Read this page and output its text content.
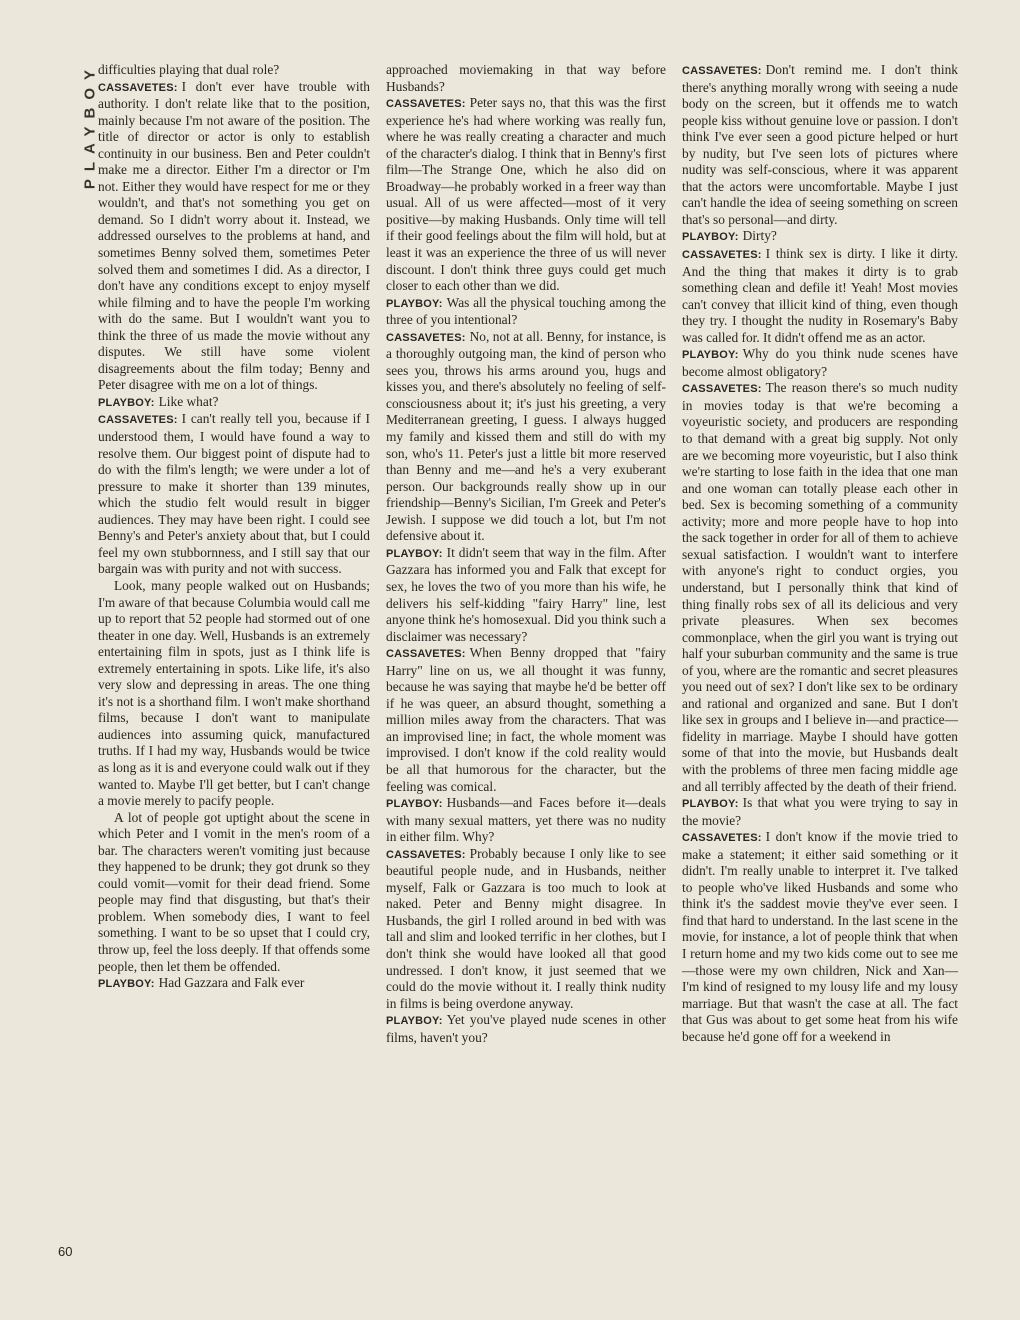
PLAYBOY difficulties playing that dual role?

CASSAVETES: I don't ever have trouble with authority. I don't relate like that to the position, mainly because I'm not aware of the position. The title of director or actor is only to establish continuity in our business. Ben and Peter couldn't make me a director. Either I'm a director or I'm not. Either they would have respect for me or they wouldn't, and that's not something you get on demand. So I didn't worry about it. Instead, we addressed ourselves to the problems at hand, and sometimes Benny solved them, sometimes Peter solved them and sometimes I did. As a director, I don't have any conditions except to enjoy myself while filming and to have the people I'm working with do the same. But I wouldn't want you to think the three of us made the movie without any disputes. We still have some violent disagreements about the film today; Benny and Peter disagree with me on a lot of things.

PLAYBOY: Like what?

CASSAVETES: I can't really tell you, because if I understood them, I would have found a way to resolve them. Our biggest point of dispute had to do with the film's length; we were under a lot of pressure to make it shorter than 139 minutes, which the studio felt would result in bigger audiences. They may have been right. I could see Benny's and Peter's anxiety about that, but I could feel my own stubbornness, and I still say that our bargain was with purity and not with success.

Look, many people walked out on Husbands; I'm aware of that because Columbia would call me up to report that 52 people had stormed out of one theater in one day. Well, Husbands is an extremely entertaining film in spots, just as I think life is extremely entertaining in spots. Like life, it's also very slow and depressing in areas. The one thing it's not is a shorthand film. I won't make shorthand films, because I don't want to manipulate audiences into assuming quick, manufactured truths. If I had my way, Husbands would be twice as long as it is and everyone could walk out if they wanted to. Maybe I'll get better, but I can't change a movie merely to pacify people.

A lot of people got uptight about the scene in which Peter and I vomit in the men's room of a bar. The characters weren't vomiting just because they happened to be drunk; they got drunk so they could vomit—vomit for their dead friend. Some people may find that disgusting, but that's their problem. When somebody dies, I want to feel something. I want to be so upset that I could cry, throw up, feel the loss deeply. If that offends some people, then let them be offended.

PLAYBOY: Had Gazzara and Falk ever

approached moviemaking in that way before Husbands?

CASSAVETES: Peter says no, that this was the first experience he's had where working was really fun, where he was really creating a character and much of the character's dialog. I think that in Benny's first film—The Strange One, which he also did on Broadway—he probably worked in a freer way than usual. All of us were affected—most of it very positive—by making Husbands. Only time will tell if their good feelings about the film will hold, but at least it was an experience the three of us will never discount. I don't think three guys could get much closer to each other than we did.

PLAYBOY: Was all the physical touching among the three of you intentional?

CASSAVETES: No, not at all. Benny, for instance, is a thoroughly outgoing man, the kind of person who sees you, throws his arms around you, hugs and kisses you, and there's absolutely no feeling of self-consciousness about it; it's just his greeting, a very Mediterranean greeting, I guess. I always hugged my family and kissed them and still do with my son, who's 11. Peter's just a little bit more reserved than Benny and me—and he's a very exuberant person. Our backgrounds really show up in our friendship—Benny's Sicilian, I'm Greek and Peter's Jewish. I suppose we did touch a lot, but I'm not defensive about it.

PLAYBOY: It didn't seem that way in the film. After Gazzara has informed you and Falk that except for sex, he loves the two of you more than his wife, he delivers his self-kidding "fairy Harry" line, lest anyone think he's homosexual. Did you think such a disclaimer was necessary?

CASSAVETES: When Benny dropped that "fairy Harry" line on us, we all thought it was funny, because he was saying that maybe he'd be better off if he was queer, an absurd thought, something a million miles away from the characters. That was an improvised line; in fact, the whole moment was improvised. I don't know if the cold reality would be all that humorous for the character, but the feeling was comical.

PLAYBOY: Husbands—and Faces before it—deals with many sexual matters, yet there was no nudity in either film. Why?

CASSAVETES: Probably because I only like to see beautiful people nude, and in Husbands, neither myself, Falk or Gazzara is too much to look at naked. Peter and Benny might disagree. In Husbands, the girl I rolled around in bed with was tall and slim and looked terrific in her clothes, but I don't think she would have looked all that good undressed. I don't know, it just seemed that we could do the movie without it. I really think nudity in films is being overdone anyway.

PLAYBOY: Yet you've played nude scenes in other films, haven't you?

CASSAVETES: Don't remind me. I don't think there's anything morally wrong with seeing a nude body on the screen, but it offends me to watch people kiss without genuine love or passion. I don't think I've ever seen a good picture helped or hurt by nudity, but I've seen lots of pictures where nudity was self-conscious, where it was apparent that the actors were uncomfortable. Maybe I just can't handle the idea of seeing something on screen that's so personal—and dirty.

PLAYBOY: Dirty?

CASSAVETES: I think sex is dirty. I like it dirty. And the thing that makes it dirty is to grab something clean and defile it! Yeah! Most movies can't convey that illicit kind of thing, even though they try. I thought the nudity in Rosemary's Baby was called for. It didn't offend me as an actor.

PLAYBOY: Why do you think nude scenes have become almost obligatory?

CASSAVETES: The reason there's so much nudity in movies today is that we're becoming a voyeuristic society, and producers are responding to that demand with a great big supply. Not only are we becoming more voyeuristic, but I also think we're starting to lose faith in the idea that one man and one woman can totally please each other in bed. Sex is becoming something of a community activity; more and more people have to hop into the sack together in order for all of them to achieve sexual satisfaction. I wouldn't want to interfere with anyone's right to conduct orgies, you understand, but I personally think that kind of thing finally robs sex of all its delicious and very private pleasures. When sex becomes commonplace, when the girl you want is trying out half your suburban community and the same is true of you, where are the romantic and secret pleasures you need out of sex? I don't like sex to be ordinary and rational and organized and sane. But I don't like sex in groups and I believe in—and practice—fidelity in marriage. Maybe I should have gotten some of that into the movie, but Husbands dealt with the problems of three men facing middle age and all terribly affected by the death of their friend.

PLAYBOY: Is that what you were trying to say in the movie?

CASSAVETES: I don't know if the movie tried to make a statement; it either said something or it didn't. I'm really unable to interpret it. I've talked to people who've liked Husbands and some who think it's the saddest movie they've ever seen. I find that hard to understand. In the last scene in the movie, for instance, a lot of people think that when I return home and my two kids come out to see me—those were my own children, Nick and Xan—I'm kind of resigned to my lousy life and my lousy marriage. But that wasn't the case at all. The fact that Gus was about to get some heat from his wife because he'd gone off for a weekend in

60
